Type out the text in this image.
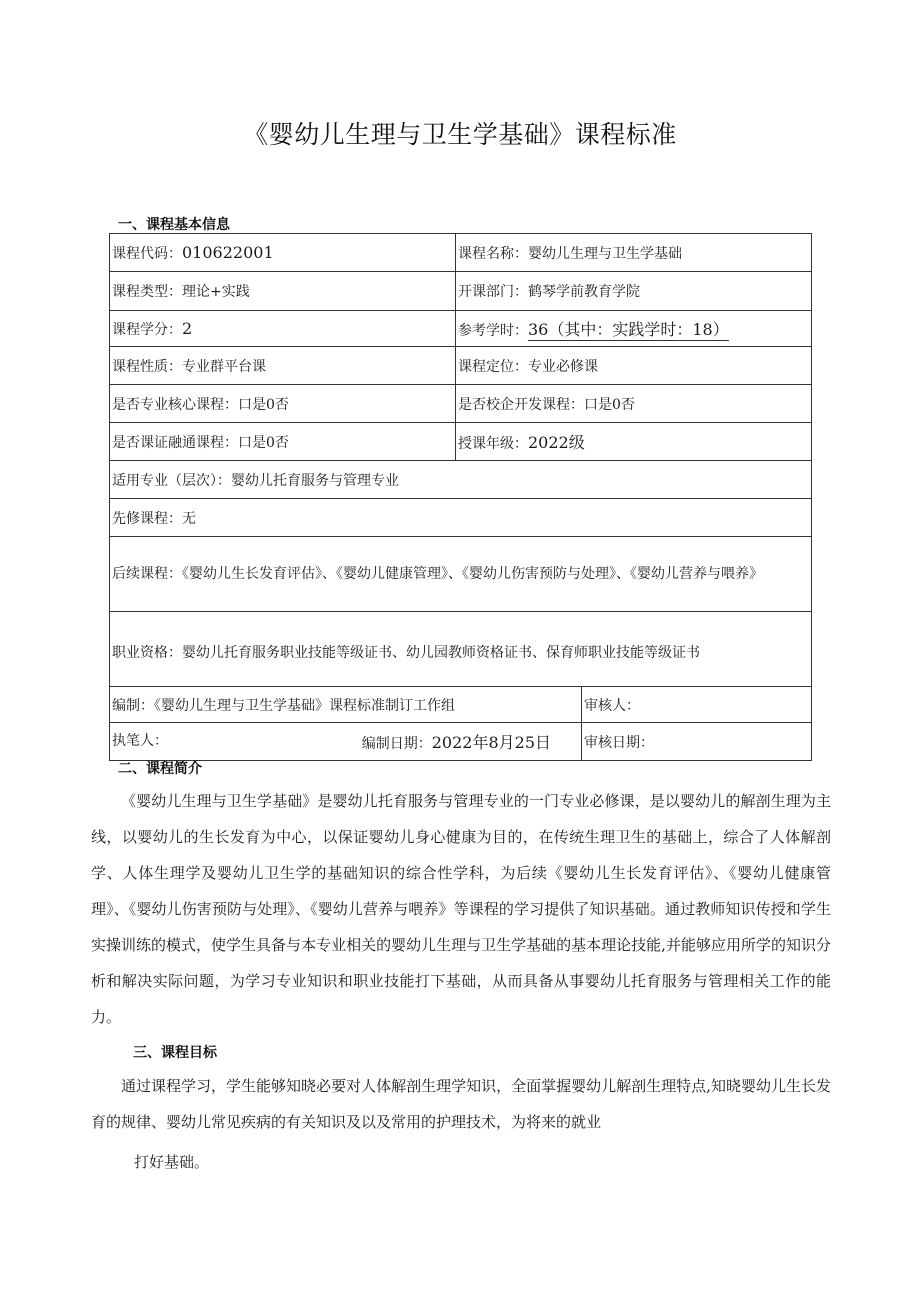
《婴幼儿生理与卫生学基础》课程标准
一、课程基本信息
课程代码：010622001	课程名称：婴幼儿生理与卫生学基础	
课程类型：理论+实践	开课部门：鹤琴学前教育学院	
课程学分：2	参考学时：36（其中：实践学时：18）	
课程性质：专业群平台课	课程定位：专业必修课	
是否专业核心课程：口是0否	是否校企开发课程：口是0否	
是否课证融通课程：口是0否	授课年级：2022级	
适用专业（层次）：婴幼儿托育服务与管理专业		
先修课程：无		
后续课程：《婴幼儿生长发育评估》、《婴幼儿健康管理》、《婴幼儿伤害预防与处理》、《婴幼儿营养与喂养》		
职业资格：婴幼儿托育服务职业技能等级证书、幼儿园教师资格证书、保育师职业技能等级证书		
编制：《婴幼儿生理与卫生学基础》课程标准制订工作组		审核人：
执笔人： 编制日期：2022年8月25日		审核日期：
二、课程简介

《婴幼儿生理与卫生学基础》是婴幼儿托育服务与管理专业的一门专业必修课，是以婴幼儿的解剖生理为主线，以婴幼儿的生长发育为中心，以保证婴幼儿身心健康为目的，在传统生理卫生的基础上，综合了人体解剖学、人体生理学及婴幼儿卫生学的基础知识的综合性学科，为后续《婴幼儿生长发育评估》、《婴幼儿健康管理》、《婴幼儿伤害预防与处理》、《婴幼儿营养与喂养》等课程的学习提供了知识基础。通过教师知识传授和学生实操训练的模式，使学生具备与本专业相关的婴幼儿生理与卫生学基础的基本理论技能,并能够应用所学的知识分析和解决实际问题，为学习专业知识和职业技能打下基础，从而具备从事婴幼儿托育服务与管理相关工作的能力。

三、课程目标

通过课程学习，学生能够知晓必要对人体解剖生理学知识，全面掌握婴幼儿解剖生理特点,知晓婴幼儿生长发育的规律、婴幼儿常见疾病的有关知识及以及常用的护理技术，为将来的就业

打好基础。
